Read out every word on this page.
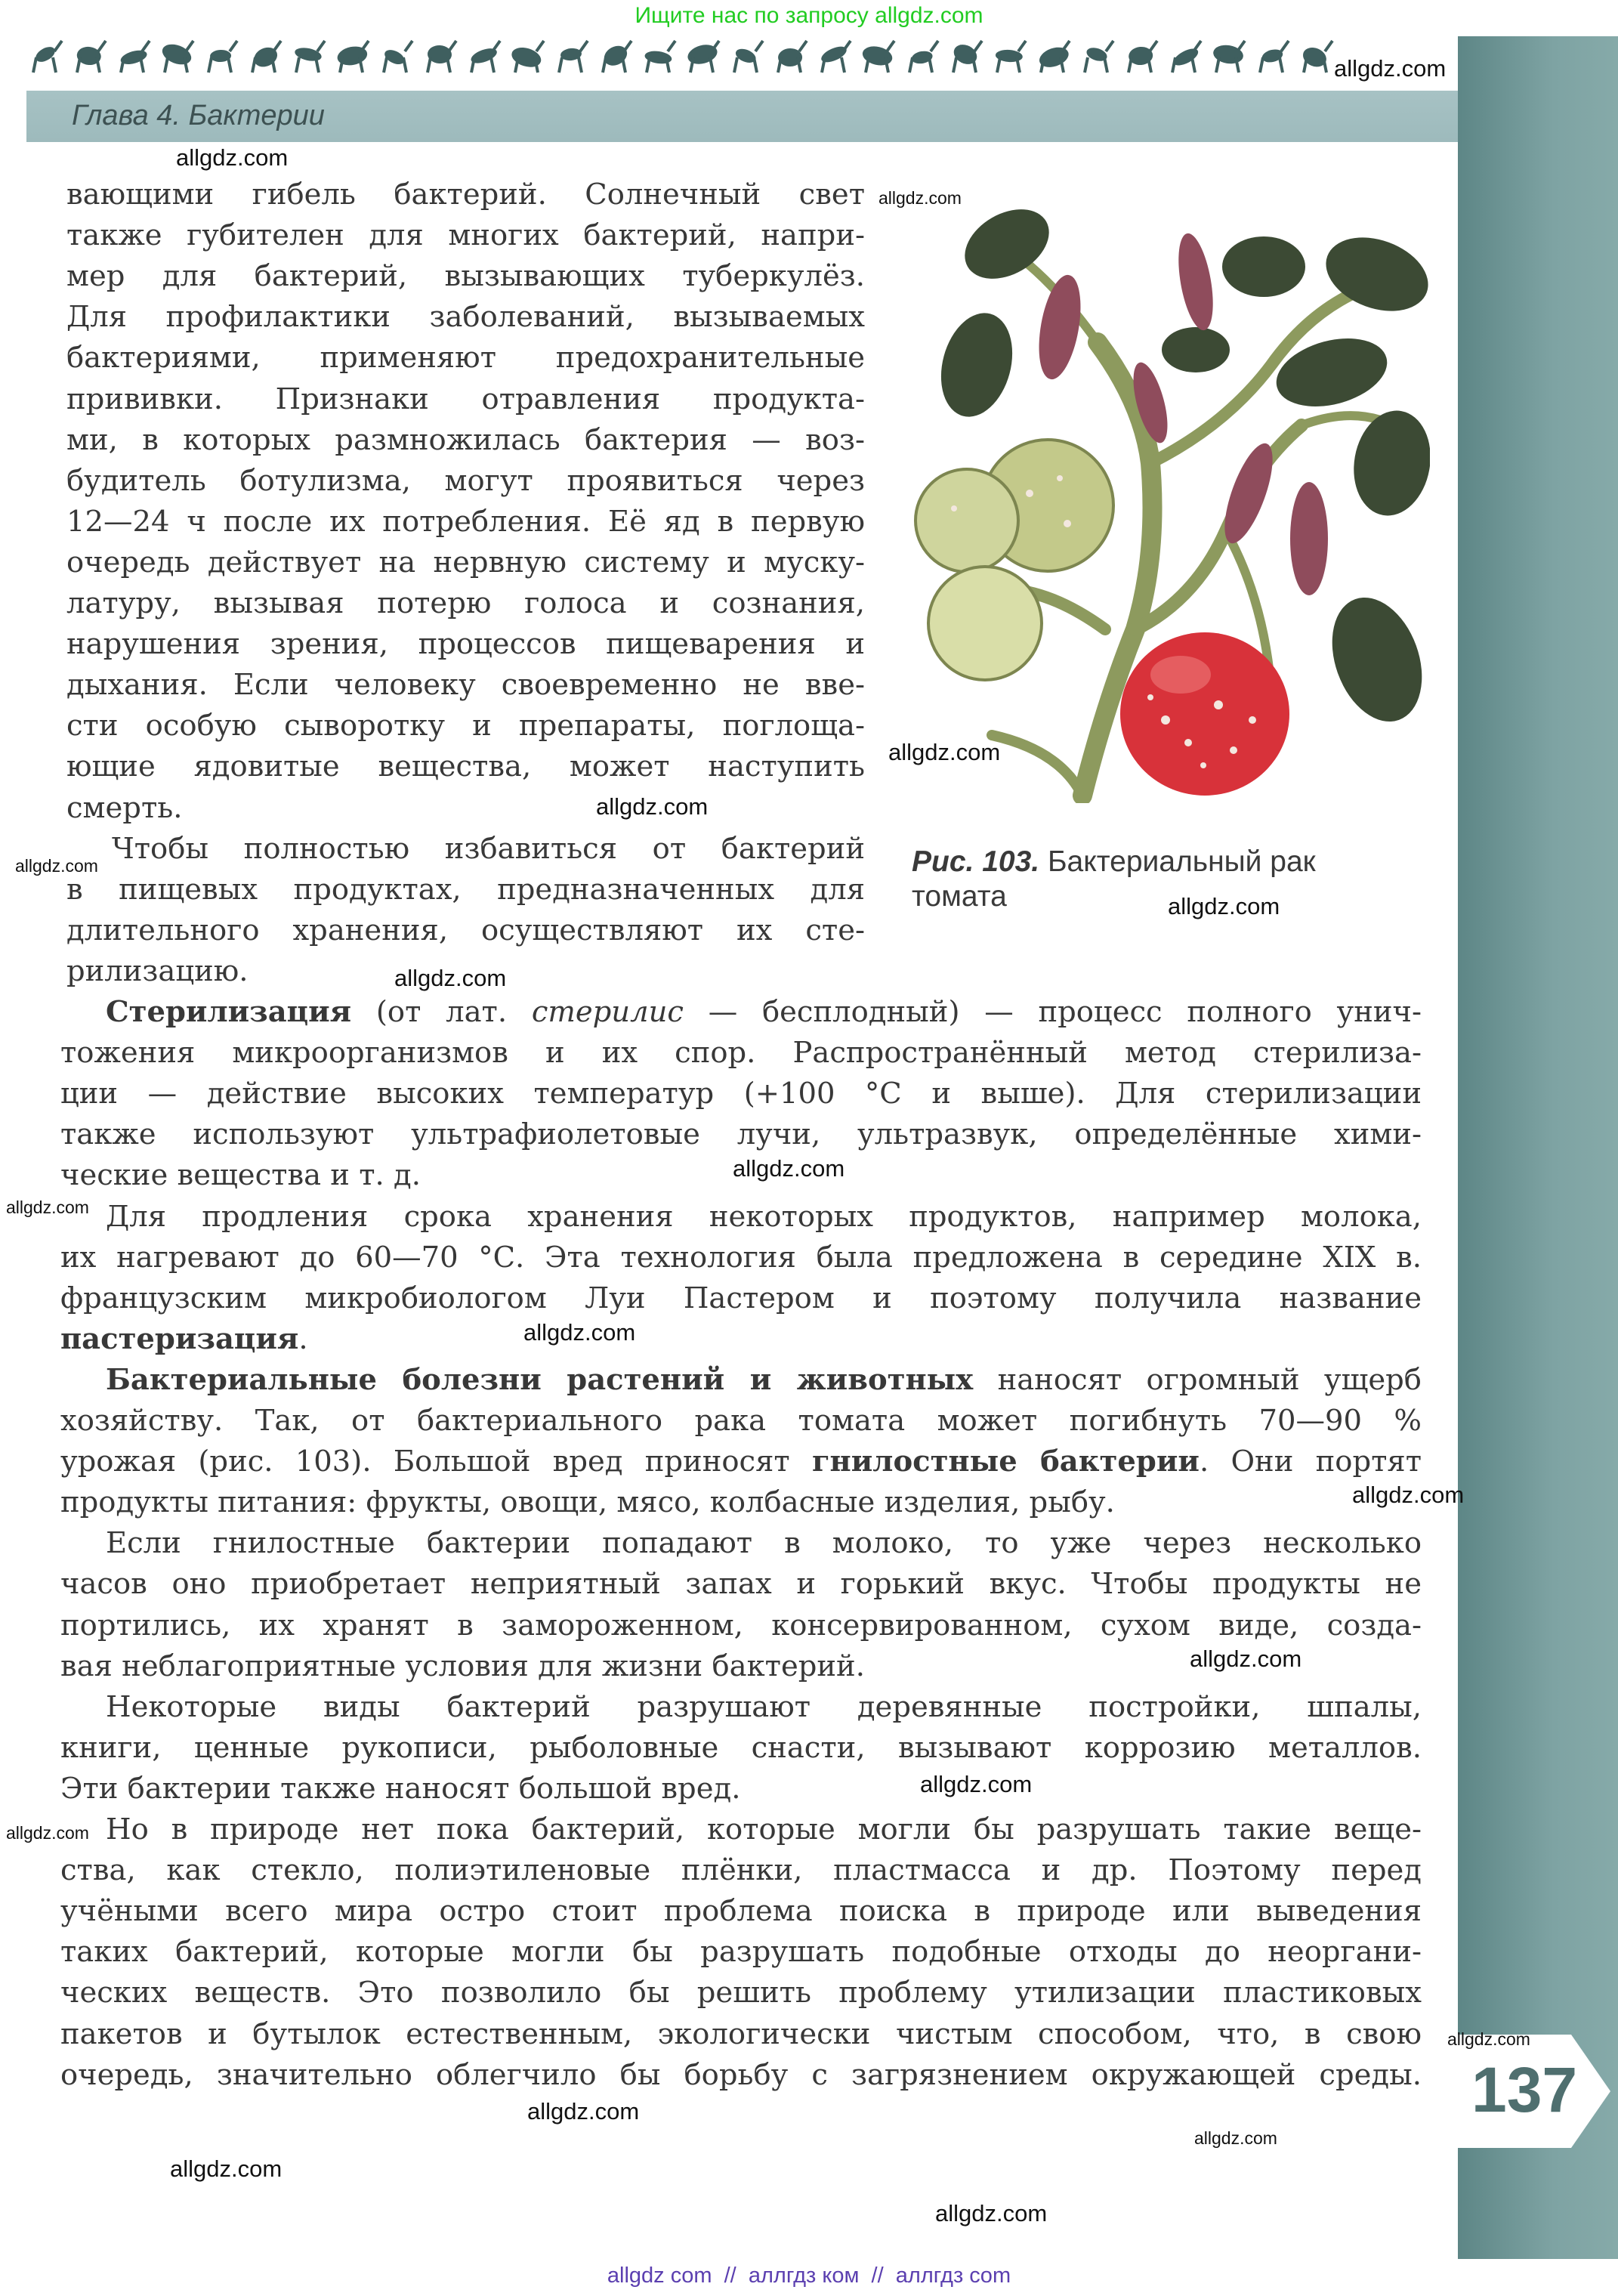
Ищите нас по запросу allgdz.com
Глава 4. Бактерии
137
вающими гибель бактерий. Солнечный свет
также губителен для многих бактерий, напри-
мер для бактерий, вызывающих туберкулёз.
Для профилактики заболеваний, вызываемых
бактериями, применяют предохранительные
прививки. Признаки отравления продукта-
ми, в которых размножилась бактерия — воз-
будитель ботулизма, могут проявиться через
12—24 ч после их потребления. Её яд в первую
очередь действует на нервную систему и муску-
латуру, вызывая потерю голоса и сознания,
нарушения зрения, процессов пищеварения и
дыхания. Если человеку своевременно не вве-
сти особую сыворотку и препараты, поглоща-
ющие ядовитые вещества, может наступить
смерть.
Чтобы полностью избавиться от бактерий
в пищевых продуктах, предназначенных для
длительного хранения, осуществляют их сте-
рилизацию.
Стерилизация (от лат. стерилис — бесплодный) — процесс полного унич-
тожения микроорганизмов и их спор. Распространённый метод стерилиза-
ции — действие высоких температур (+100 °С и выше). Для стерилизации
также используют ультрафиолетовые лучи, ультразвук, определённые хими-
ческие вещества и т. д.
Для продления срока хранения некоторых продуктов, например молока,
их нагревают до 60—70 °С. Эта технология была предложена в середине XIX в.
французским микробиологом Луи Пастером и поэтому получила название
пастеризация.
Бактериальные болезни растений и животных наносят огромный ущерб
хозяйству. Так, от бактериального рака томата может погибнуть 70—90 %
урожая (рис. 103). Большой вред приносят гнилостные бактерии. Они портят
продукты питания: фрукты, овощи, мясо, колбасные изделия, рыбу.
Если гнилостные бактерии попадают в молоко, то уже через несколько
часов оно приобретает неприятный запах и горький вкус. Чтобы продукты не
портились, их хранят в замороженном, консервированном, сухом виде, созда-
вая неблагоприятные условия для жизни бактерий.
Некоторые виды бактерий разрушают деревянные постройки, шпалы,
книги, ценные рукописи, рыболовные снасти, вызывают коррозию металлов.
Эти бактерии также наносят большой вред.
Но в природе нет пока бактерий, которые могли бы разрушать такие веще-
ства, как стекло, полиэтиленовые плёнки, пластмасса и др. Поэтому перед
учёными всего мира остро стоит проблема поиска в природе или выведения
таких бактерий, которые могли бы разрушать подобные отходы до неоргани-
ческих веществ. Это позволило бы решить проблему утилизации пластиковых
пакетов и бутылок естественным, экологически чистым способом, что, в свою
очередь, значительно облегчило бы борьбу с загрязнением окружающей среды.
Рис. 103. Бактериальный рак
томата
allgdz.com
allgdz.com
allgdz.com
allgdz.com
allgdz.com
allgdz.com
allgdz.com
allgdz.com
allgdz.com
allgdz.com
allgdz.com
allgdz.com
allgdz.com
allgdz.com
allgdz.com
allgdz.com
allgdz.com
allgdz.com
allgdz.com
allgdz.com
allgdz com  //  аллгдз ком  //  аллгдз com
